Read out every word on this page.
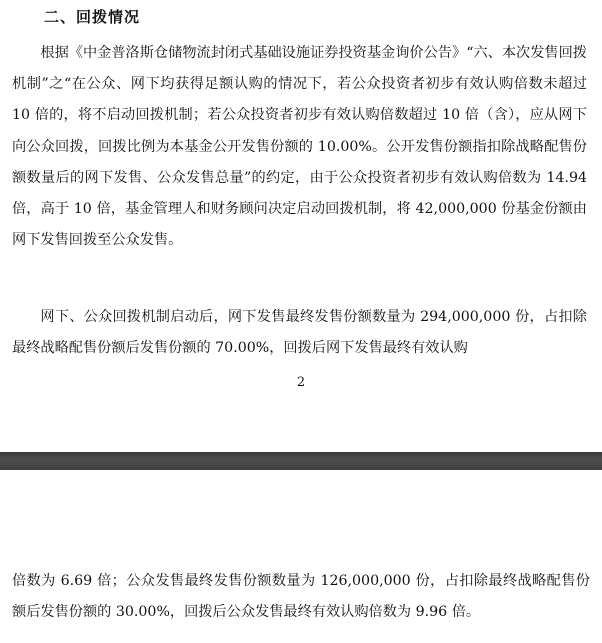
二、回拨情况

根据《中金普洛斯仓储物流封闭式基础设施证券投资基金询价公告》“六、本次发售回拨机制”之“在公众、网下均获得足额认购的情况下，若公众投资者初步有效认购倍数未超过 10 倍的，将不启动回拨机制；若公众投资者初步有效认购倍数超过 10 倍（含），应从网下向公众回拨，回拨比例为本基金公开发售份额的 10.00%。公开发售份额指扣除战略配售份额数量后的网下发售、公众发售总量”的约定，由于公众投资者初步有效认购倍数为 14.94 倍，高于 10 倍，基金管理人和财务顾问决定启动回拨机制，将 42,000,000 份基金份额由网下发售回拨至公众发售。

网下、公众回拨机制启动后，网下发售最终发售份额数量为 294,000,000 份，占扣除最终战略配售份额后发售份额的 70.00%，回拨后网下发售最终有效认购

2

倍数为 6.69 倍；公众发售最终发售份额数量为 126,000,000 份，占扣除最终战略配售份额后发售份额的 30.00%，回拨后公众发售最终有效认购倍数为 9.96 倍。
